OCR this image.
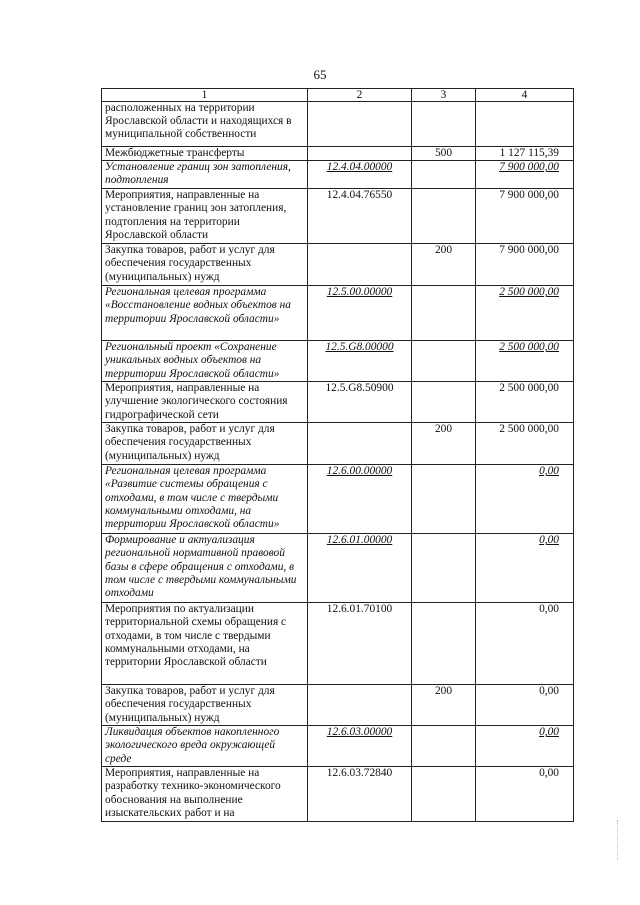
65
1	2	3	4
расположенных на территории Ярославской области и находящихся в муниципальной собственности			
Межбюджетные трансферты		500	1 127 115,39
Установление границ зон затопления, подтопления	12.4.04.00000		7 900 000,00
Мероприятия, направленные на установление границ зон затопления, подтопления на территории Ярославской области	12.4.04.76550		7 900 000,00
Закупка товаров, работ и услуг для обеспечения государственных (муниципальных) нужд		200	7 900 000,00
Региональная целевая программа «Восстановление водных объектов на территории Ярославской области»	12.5.00.00000		2 500 000,00
Региональный проект «Сохранение уникальных водных объектов на территории Ярославской области»	12.5.G8.00000		2 500 000,00
Мероприятия, направленные на улучшение экологического состояния гидрографической сети	12.5.G8.50900		2 500 000,00
Закупка товаров, работ и услуг для обеспечения государственных (муниципальных) нужд		200	2 500 000,00
Региональная целевая программа «Развитие системы обращения с отходами, в том числе с твердыми коммунальными отходами, на территории Ярославской области»	12.6.00.00000		0,00
Формирование и актуализация региональной нормативной правовой базы в сфере обращения с отходами, в том числе с твердыми коммунальными отходами	12.6.01.00000		0,00
Мероприятия по актуализации территориальной схемы обращения с отходами, в том числе с твердыми коммунальными отходами, на территории Ярославской области	12.6.01.70100		0,00
Закупка товаров, работ и услуг для обеспечения государственных (муниципальных) нужд		200	0,00
Ликвидация объектов накопленного экологического вреда окружающей среде	12.6.03.00000		0,00
Мероприятия, направленные на разработку технико-экономического обоснования на выполнение изыскательских работ и на	12.6.03.72840		0,00
